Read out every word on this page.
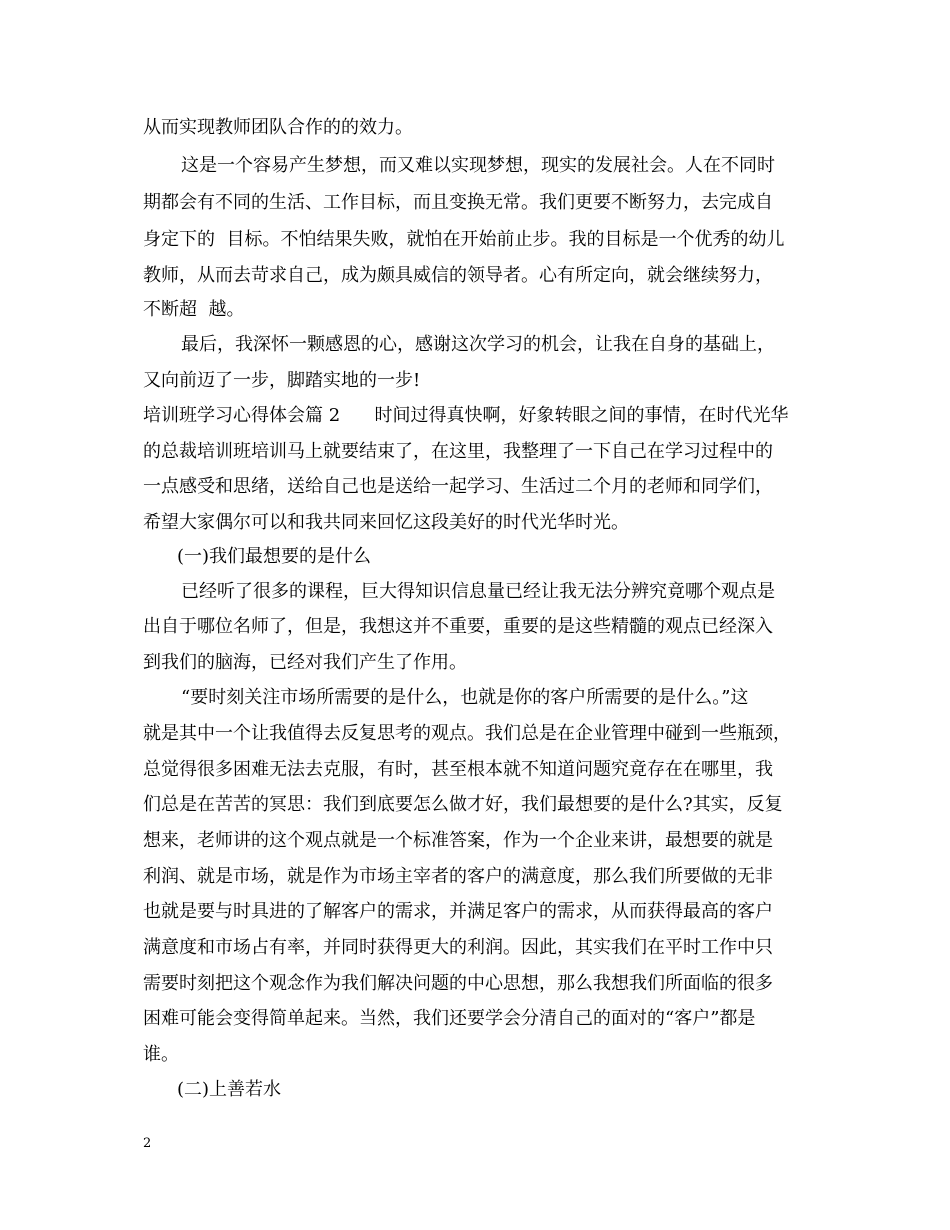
从而实现教师团队合作的的效力。
这是一个容易产生梦想，而又难以实现梦想，现实的发展社会。人在不同时
期都会有不同的生活、工作目标，而且变换无常。我们更要不断努力，去完成自
身定下的  目标。不怕结果失败，就怕在开始前止步。我的目标是一个优秀的幼儿
教师，从而去苛求自己，成为颇具威信的领导者。心有所定向，就会继续努力，
不断超  越。
最后，我深怀一颗感恩的心，感谢这次学习的机会，让我在自身的基础上，
又向前迈了一步，脚踏实地的一步!
培训班学习心得体会篇 2      时间过得真快啊，好象转眼之间的事情，在时代光华
的总裁培训班培训马上就要结束了，在这里，我整理了一下自己在学习过程中的
一点感受和思绪，送给自己也是送给一起学习、生活过二个月的老师和同学们，
希望大家偶尔可以和我共同来回忆这段美好的时代光华时光。
(一)我们最想要的是什么
已经听了很多的课程，巨大得知识信息量已经让我无法分辨究竟哪个观点是
出自于哪位名师了，但是，我想这并不重要，重要的是这些精髓的观点已经深入
到我们的脑海，已经对我们产生了作用。
“要时刻关注市场所需要的是什么，也就是你的客户所需要的是什么。”这
就是其中一个让我值得去反复思考的观点。我们总是在企业管理中碰到一些瓶颈，
总觉得很多困难无法去克服，有时，甚至根本就不知道问题究竟存在在哪里，我
们总是在苦苦的冥思：我们到底要怎么做才好，我们最想要的是什么?其实，反复
想来，老师讲的这个观点就是一个标准答案，作为一个企业来讲，最想要的就是
利润、就是市场，就是作为市场主宰者的客户的满意度，那么我们所要做的无非
也就是要与时具进的了解客户的需求，并满足客户的需求，从而获得最高的客户
满意度和市场占有率，并同时获得更大的利润。因此，其实我们在平时工作中只
需要时刻把这个观念作为我们解决问题的中心思想，那么我想我们所面临的很多
困难可能会变得简单起来。当然，我们还要学会分清自己的面对的“客户”都是
谁。
(二)上善若水
2
